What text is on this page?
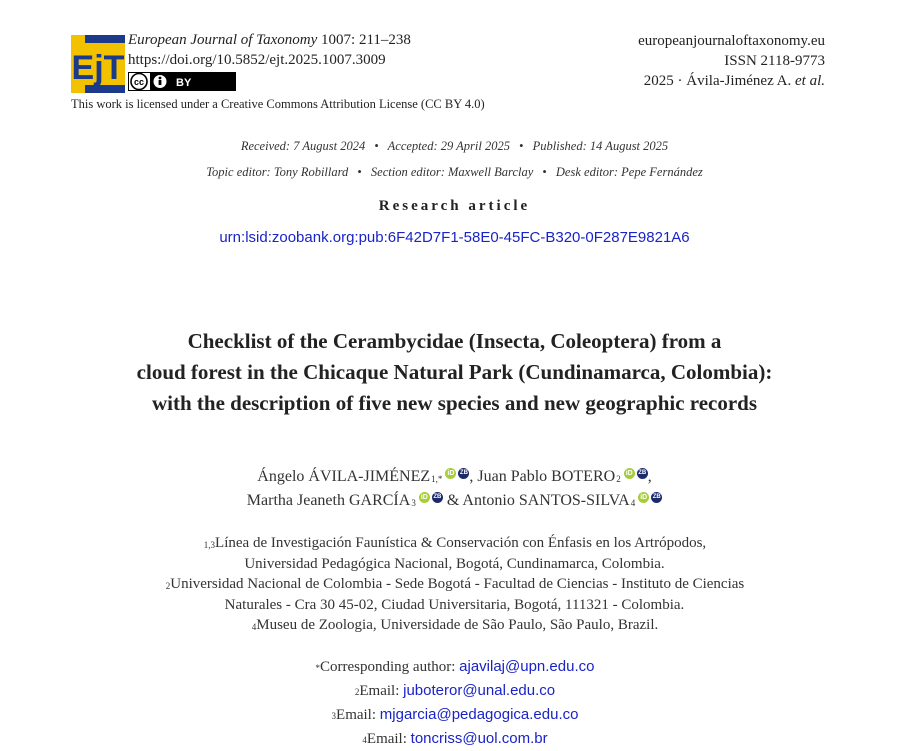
EjT
European Journal of Taxonomy 1007: 211–238
https://doi.org/10.5852/ejt.2025.1007.3009
cc	BY
This work is licensed under a Creative Commons Attribution License (CC BY 4.0)
europeanjournaloftaxonomy.eu
ISSN 2118-9773
2025 · Ávila-Jiménez A. et al.
Received: 7 August 2024 • Accepted: 29 April 2025 • Published: 14 August 2025
Topic editor: Tony Robillard • Section editor: Maxwell Barclay • Desk editor: Pepe Fernández
Research article
urn:lsid:zoobank.org:pub:6F42D7F1-58E0-45FC-B320-0F287E9821A6
Checklist of the Cerambycidae (Insecta, Coleoptera) from a
cloud forest in the Chicaque Natural Park (Cundinamarca, Colombia):
with the description of five new species and new geographic records
Ángelo ÁVILA-$JIMÉNEZ^{1,*}iD$ ZB, Juan Pablo BOTERO$^2$iD ZB,
Martha Jeaneth GARCÍA$^3$iD ZB & Antonio SANTOS-SILVA$^4$iD ZB
$^{1,3}$Línea de Investigación Faunística & Conservación con Énfasis en los Artrópodos,
Universidad Pedagógica Nacional, Bogotá, Cundinamarca, Colombia.
$^2$Universidad Nacional de Colombia - Sede Bogotá - Facultad de Ciencias - Instituto de Ciencias
Naturales - Cra 30 45-02, Ciudad Universitaria, Bogotá, 111321 - Colombia.
$^4$Museu de Zoologia, Universidade de São Paulo, São Paulo, Brazil.
*Corresponding author: ajavilaj@upn.edu.co
$^2$Email: juboteror@unal.edu.co
$^3$Email: mjgarcia@pedagogica.edu.co
$^4$Email: toncriss@uol.com.br
